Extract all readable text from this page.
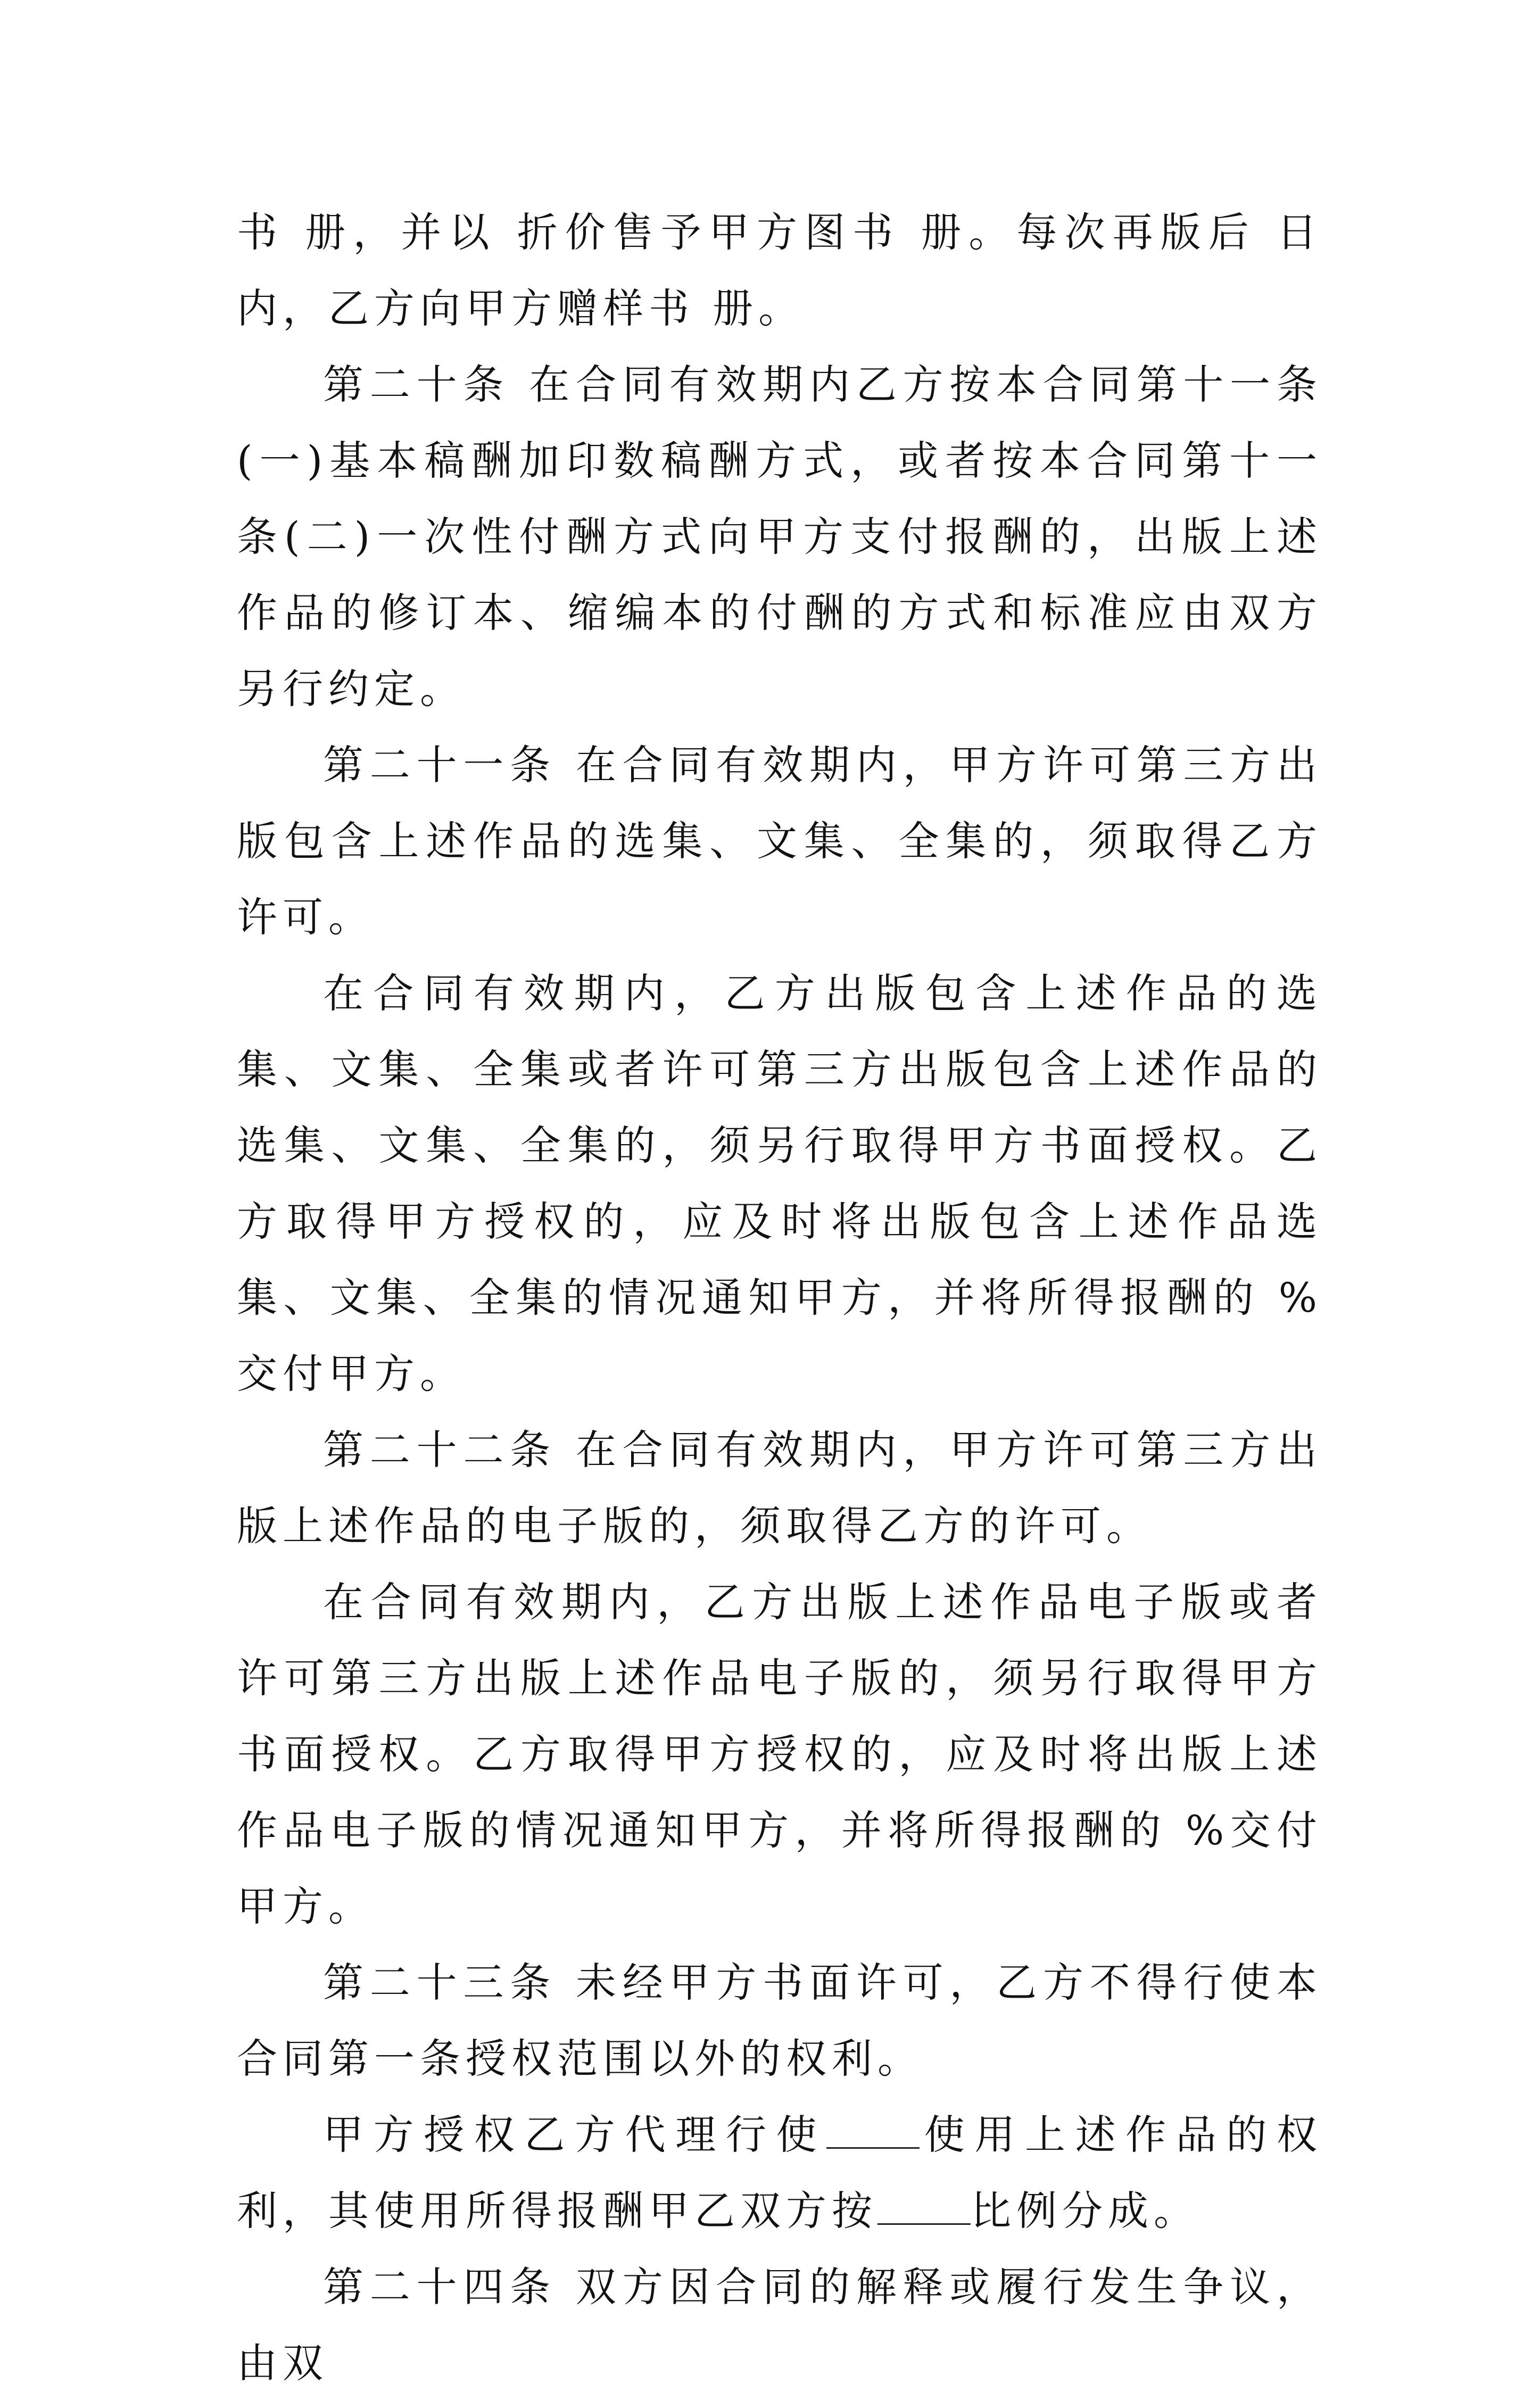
书 册，并以 折价售予甲方图书 册。每次再版后 日内，乙方向甲方赠样书 册。

第二十条 在合同有效期内乙方按本合同第十一条(一)基本稿酬加印数稿酬方式，或者按本合同第十一条(二)一次性付酬方式向甲方支付报酬的，出版上述作品的修订本、缩编本的付酬的方式和标准应由双方另行约定。

第二十一条 在合同有效期内，甲方许可第三方出版包含上述作品的选集、文集、全集的，须取得乙方许可。

在合同有效期内，乙方出版包含上述作品的选集、文集、全集或者许可第三方出版包含上述作品的选集、文集、全集的，须另行取得甲方书面授权。乙方取得甲方授权的，应及时将出版包含上述作品选集、文集、全集的情况通知甲方，并将所得报酬的 %交付甲方。

第二十二条 在合同有效期内，甲方许可第三方出版上述作品的电子版的，须取得乙方的许可。

在合同有效期内，乙方出版上述作品电子版或者许可第三方出版上述作品电子版的，须另行取得甲方书面授权。乙方取得甲方授权的，应及时将出版上述作品电子版的情况通知甲方，并将所得报酬的 %交付甲方。

第二十三条 未经甲方书面许可，乙方不得行使本合同第一条授权范围以外的权利。

甲方授权乙方代理行使 使用上述作品的权利，其使用所得报酬甲乙双方按 比例分成。

第二十四条 双方因合同的解释或履行发生争议，由双
